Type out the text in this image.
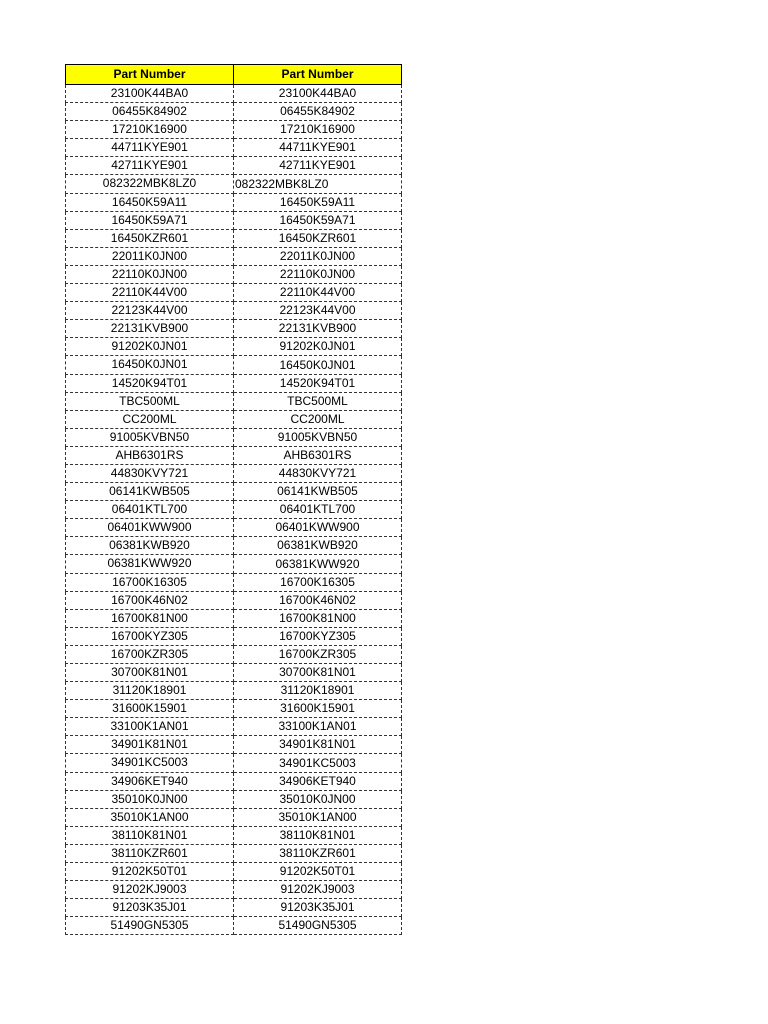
Part Number	Part Number
23100K44BA0	23100K44BA0
06455K84902	06455K84902
17210K16900	17210K16900
44711KYE901	44711KYE901
42711KYE901	42711KYE901
082322MBK8LZ0	082322MBK8LZ0
16450K59A11	16450K59A11
16450K59A71	16450K59A71
16450KZR601	16450KZR601
22011K0JN00	22011K0JN00
22110K0JN00	22110K0JN00
22110K44V00	22110K44V00
22123K44V00	22123K44V00
22131KVB900	22131KVB900
91202K0JN01	91202K0JN01
16450K0JN01	16450K0JN01
14520K94T01	14520K94T01
TBC500ML	TBC500ML
CC200ML	CC200ML
91005KVBN50	91005KVBN50
AHB6301RS	AHB6301RS
44830KVY721	44830KVY721
06141KWB505	06141KWB505
06401KTL700	06401KTL700
06401KWW900	06401KWW900
06381KWB920	06381KWB920
06381KWW920	06381KWW920
16700K16305	16700K16305
16700K46N02	16700K46N02
16700K81N00	16700K81N00
16700KYZ305	16700KYZ305
16700KZR305	16700KZR305
30700K81N01	30700K81N01
31120K18901	31120K18901
31600K15901	31600K15901
33100K1AN01	33100K1AN01
34901K81N01	34901K81N01
34901KC5003	34901KC5003
34906KET940	34906KET940
35010K0JN00	35010K0JN00
35010K1AN00	35010K1AN00
38110K81N01	38110K81N01
38110KZR601	38110KZR601
91202K50T01	91202K50T01
91202KJ9003	91202KJ9003
91203K35J01	91203K35J01
51490GN5305	51490GN5305
